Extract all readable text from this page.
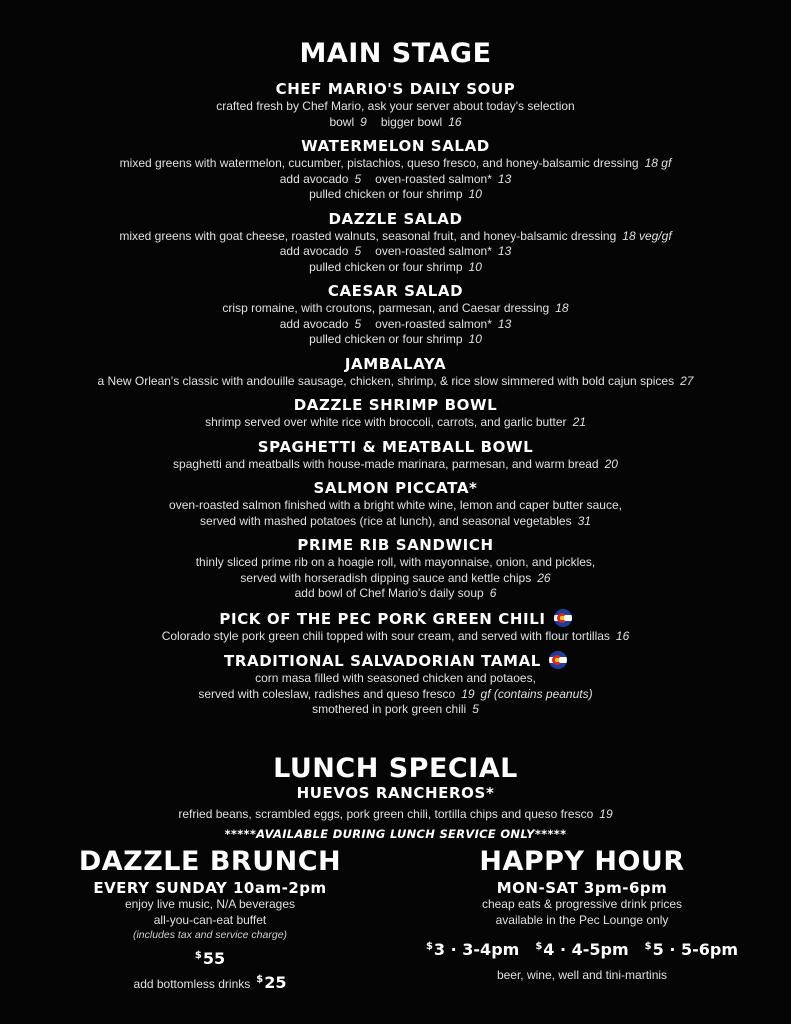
MAIN STAGE
CHEF MARIO'S DAILY SOUP
crafted fresh by Chef Mario, ask your server about today's selection
bowl 9 bigger bowl 16
WATERMELON SALAD
mixed greens with watermelon, cucumber, pistachios, queso fresco, and honey-balsamic dressing 18 gf
add avocado 5 oven-roasted salmon* 13
pulled chicken or four shrimp 10
DAZZLE SALAD
mixed greens with goat cheese, roasted walnuts, seasonal fruit, and honey-balsamic dressing 18 veg/gf
add avocado 5 oven-roasted salmon* 13
pulled chicken or four shrimp 10
CAESAR SALAD
crisp romaine, with croutons, parmesan, and Caesar dressing 18
add avocado 5 oven-roasted salmon* 13
pulled chicken or four shrimp 10
JAMBALAYA
a New Orlean's classic with andouille sausage, chicken, shrimp, & rice slow simmered with bold cajun spices 27
DAZZLE SHRIMP BOWL
shrimp served over white rice with broccoli, carrots, and garlic butter 21
SPAGHETTI & MEATBALL BOWL
spaghetti and meatballs with house-made marinara, parmesan, and warm bread 20
SALMON PICCATA*
oven-roasted salmon finished with a bright white wine, lemon and caper butter sauce,
served with mashed potatoes (rice at lunch), and seasonal vegetables 31
PRIME RIB SANDWICH
thinly sliced prime rib on a hoagie roll, with mayonnaise, onion, and pickles,
served with horseradish dipping sauce and kettle chips 26
add bowl of Chef Mario's daily soup 6
PICK OF THE PEC PORK GREEN CHILI
Colorado style pork green chili topped with sour cream, and served with flour tortillas 16
TRADITIONAL SALVADORIAN TAMAL
corn masa filled with seasoned chicken and potaoes,
served with coleslaw, radishes and queso fresco 19 gf (contains peanuts)
smothered in pork green chili 5
LUNCH SPECIAL
HUEVOS RANCHEROS*
refried beans, scrambled eggs, pork green chili, tortilla chips and queso fresco 19
*****AVAILABLE DURING LUNCH SERVICE ONLY*****
DAZZLE BRUNCH
EVERY SUNDAY 10am-2pm
enjoy live music, N/A beverages
all-you-can-eat buffet
(includes tax and service charge)
$55
add bottomless drinks $25
HAPPY HOUR
MON-SAT 3pm-6pm
cheap eats & progressive drink prices
available in the Pec Lounge only
$3 · 3-4pm $4 · 4-5pm $5 · 5-6pm
beer, wine, well and tini-martinis
